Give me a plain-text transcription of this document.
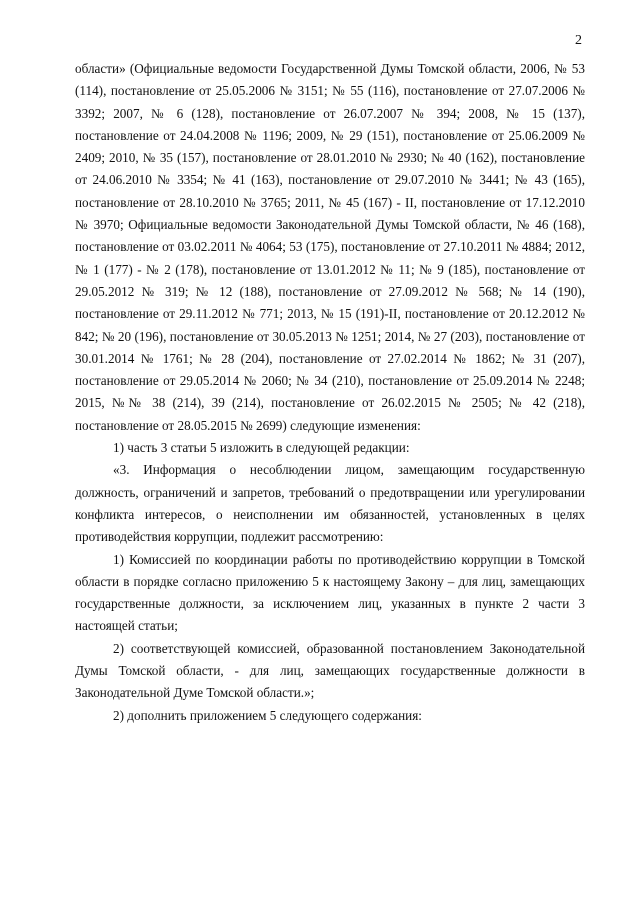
2

области» (Официальные ведомости Государственной Думы Томской области, 2006, № 53 (114), постановление от 25.05.2006 № 3151; № 55 (116), постановление от 27.07.2006 № 3392; 2007, № 6 (128), постановление от 26.07.2007 № 394; 2008, № 15 (137), постановление от 24.04.2008 № 1196; 2009, № 29 (151), постановление от 25.06.2009 № 2409; 2010, № 35 (157), постановление от 28.01.2010 № 2930; № 40 (162), постановление от 24.06.2010 № 3354; № 41 (163), постановление от 29.07.2010 № 3441; № 43 (165), постановление от 28.10.2010 № 3765; 2011, № 45 (167) - II, постановление от 17.12.2010 № 3970; Официальные ведомости Законодательной Думы Томской области, № 46 (168), постановление от 03.02.2011 № 4064; 53 (175), постановление от 27.10.2011 № 4884; 2012, № 1 (177) - № 2 (178), постановление от 13.01.2012 № 11; № 9 (185), постановление от 29.05.2012 № 319; № 12 (188), постановление от 27.09.2012 № 568; № 14 (190), постановление от 29.11.2012 № 771; 2013, № 15 (191)-II, постановление от 20.12.2012 № 842; № 20 (196), постановление от 30.05.2013 № 1251; 2014, № 27 (203), постановление от 30.01.2014 № 1761; № 28 (204), постановление от 27.02.2014 № 1862; № 31 (207), постановление от 29.05.2014 № 2060; № 34 (210), постановление от 25.09.2014 № 2248; 2015, №№ 38 (214), 39 (214), постановление от 26.02.2015 № 2505; № 42 (218), постановление от 28.05.2015 № 2699) следующие изменения:

1) часть 3 статьи 5 изложить в следующей редакции:

«3. Информация о несоблюдении лицом, замещающим государственную должность, ограничений и запретов, требований о предотвращении или урегулировании конфликта интересов, о неисполнении им обязанностей, установленных в целях противодействия коррупции, подлежит рассмотрению:

1) Комиссией по координации работы по противодействию коррупции в Томской области в порядке согласно приложению 5 к настоящему Закону – для лиц, замещающих государственные должности, за исключением лиц, указанных в пункте 2 части 3 настоящей статьи;

2) соответствующей комиссией, образованной постановлением Законодательной Думы Томской области, - для лиц, замещающих государственные должности в Законодательной Думе Томской области.»;

2) дополнить приложением 5 следующего содержания:
